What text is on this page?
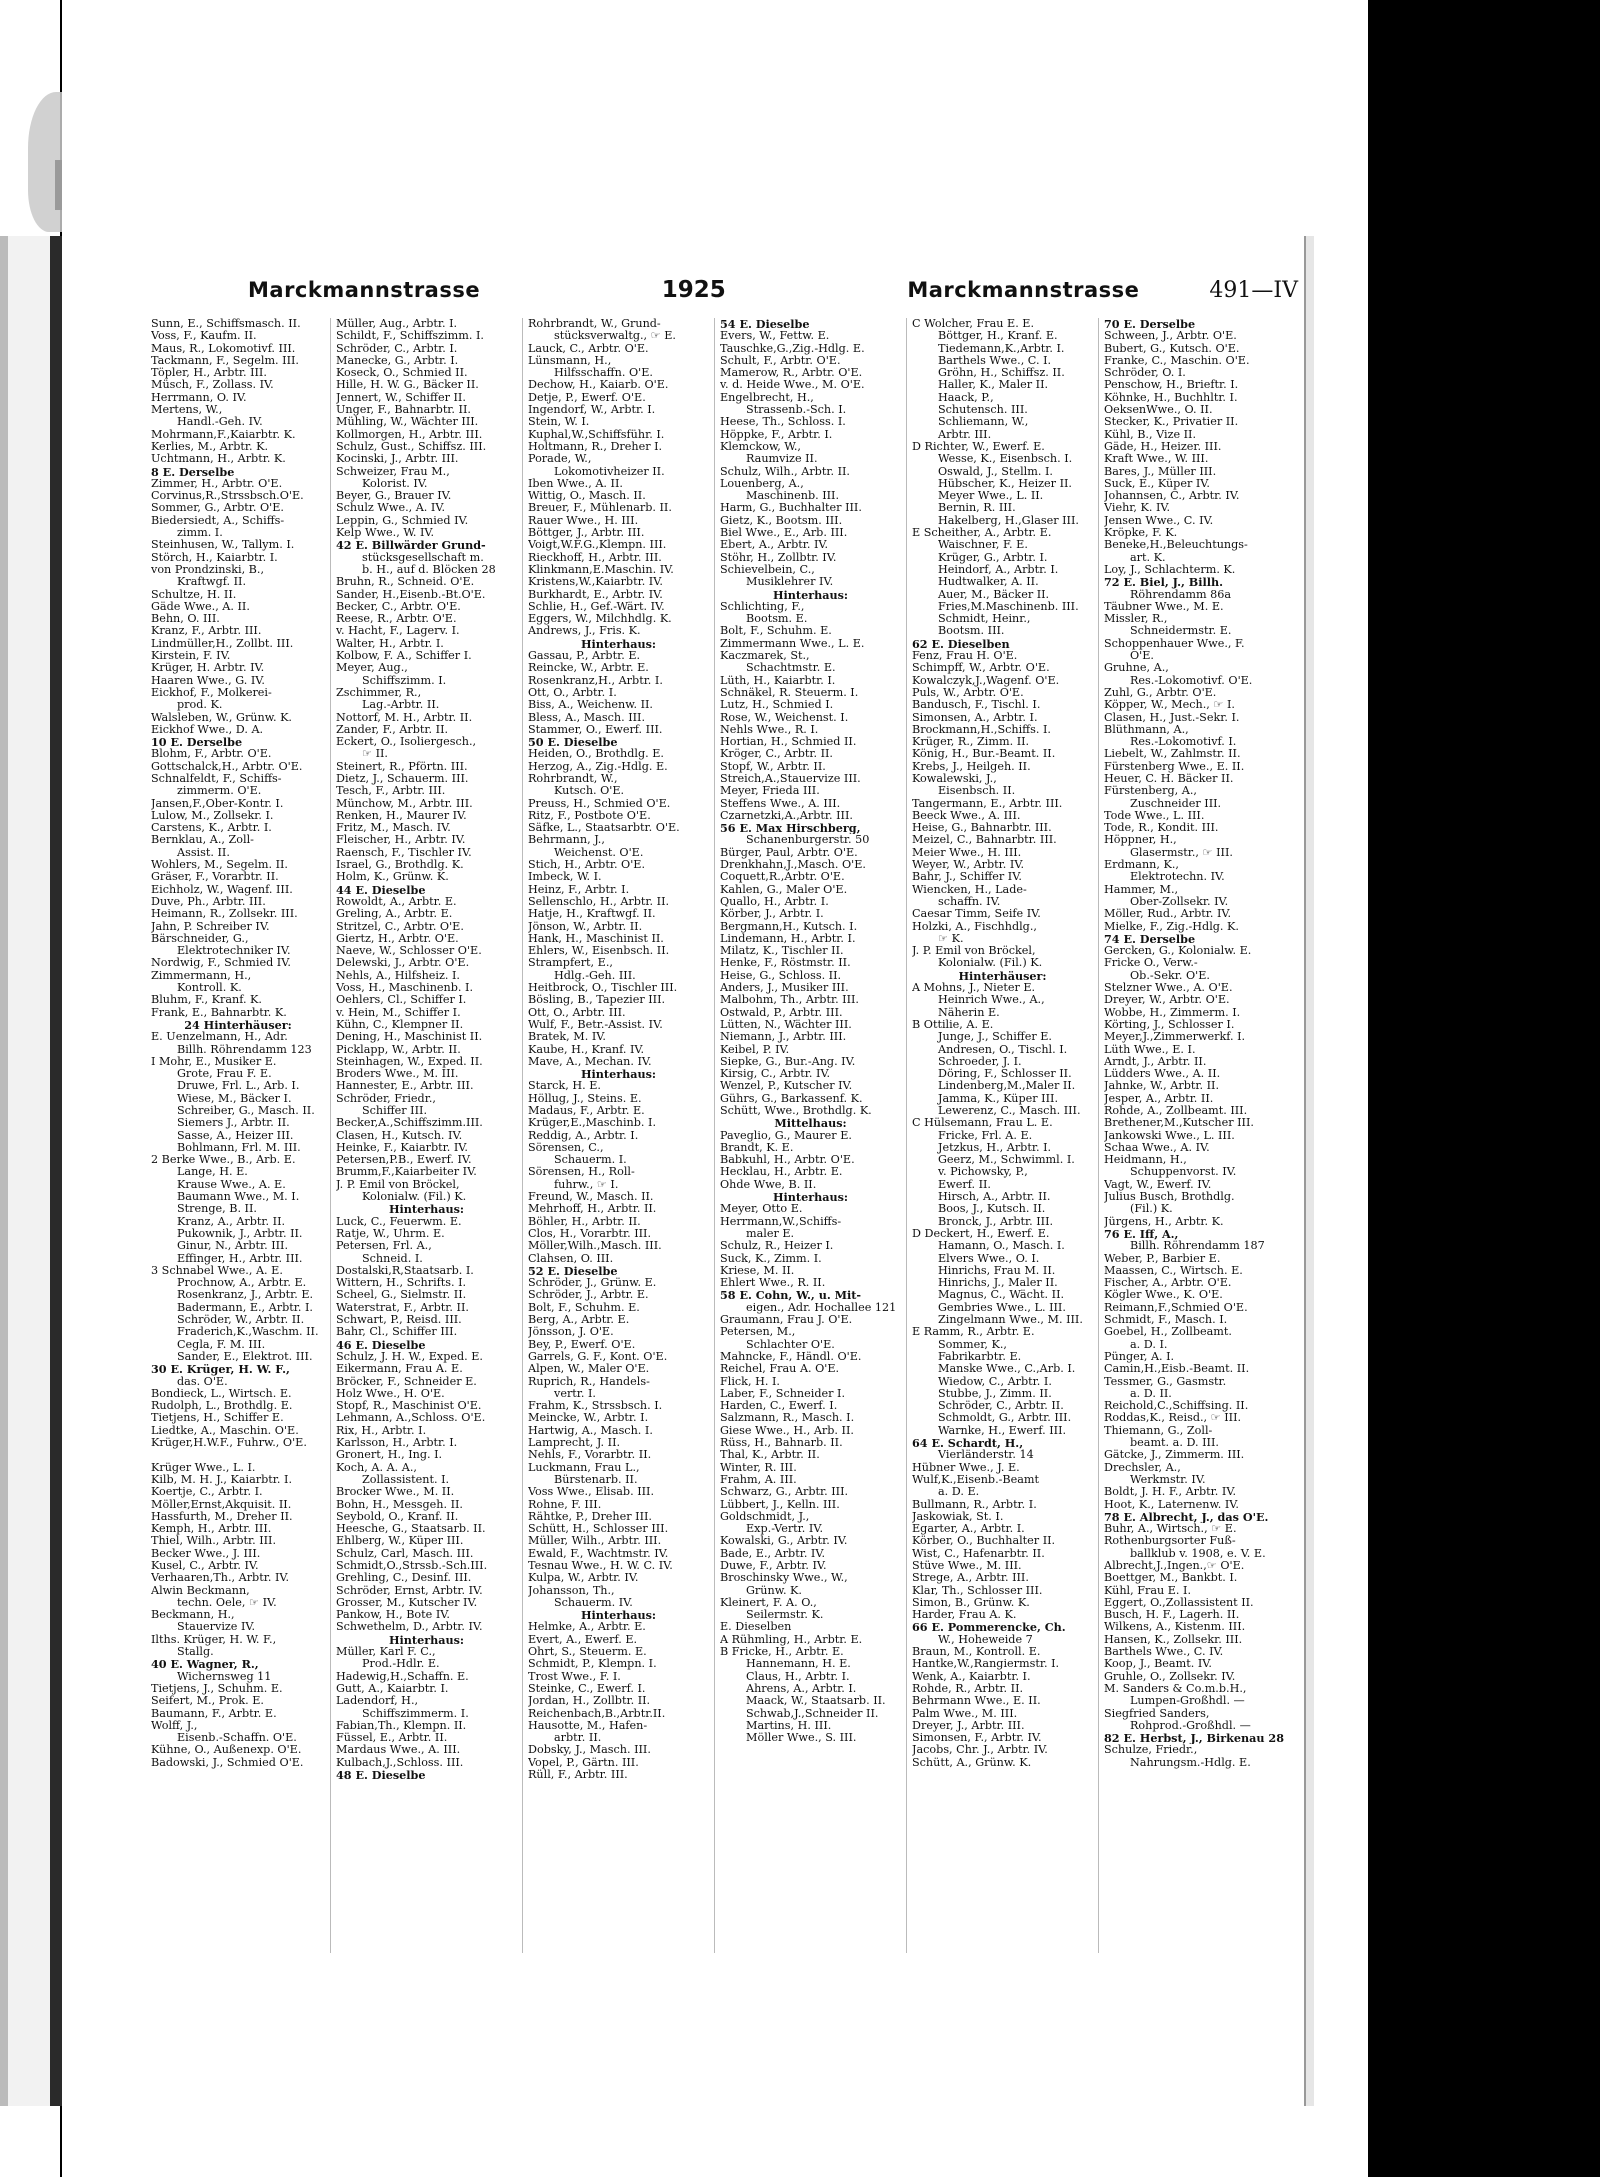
Marckmannstrasse	1925	Marckmannstrasse	491—IV
Sunn, E., Schiffsmasch. II.
Voss, F., Kaufm. II.
Maus, R., Lokomotivf. III.
Tackmann, F., Segelm. III.
Töpler, H., Arbtr. III.
Müsch, F., Zollass. IV.
Herrmann, O. IV.
Mertens, W.,
Handl.-Geh. IV.
Mohrmann,F.,Kaiarbtr. K.
Kerlies, M., Arbtr. K.
Uchtmann, H., Arbtr. K.
8 E. Derselbe
Zimmer, H., Arbtr. O'E.
Corvinus,R.,Strssbsch.O'E.
Sommer, G., Arbtr. O'E.
Biedersiedt, A., Schiffs-
zimm. I.
Steinhusen, W., Tallym. I.
Störch, H., Kaiarbtr. I.
von Prondzinski, B.,
Kraftwgf. II.
Schultze, H. II.
Gäde Wwe., A. II.
Behn, O. III.
Kranz, F., Arbtr. III.
Lindmüller,H., Zollbt. III.
Kirstein, F. IV.
Krüger, H. Arbtr. IV.
Haaren Wwe., G. IV.
Eickhof, F., Molkerei-
prod. K.
Walsleben, W., Grünw. K.
Eickhof Wwe., D. A.
10 E. Derselbe
Blohm, F., Arbtr. O'E.
Gottschalck,H., Arbtr. O'E.
Schnalfeldt, F., Schiffs-
zimmerm. O'E.
Jansen,F.,Ober-Kontr. I.
Lulow, M., Zollsekr. I.
Carstens, K., Arbtr. I.
Bernklau, A., Zoll-
Assist. II.
Wohlers, M., Segelm. II.
Gräser, F., Vorarbtr. II.
Eichholz, W., Wagenf. III.
Duve, Ph., Arbtr. III.
Heimann, R., Zollsekr. III.
Jahn, P. Schreiber IV.
Bärschneider, G.,
Elektrotechniker IV.
Nordwig, F., Schmied IV.
Zimmermann, H.,
Kontroll. K.
Bluhm, F., Kranf. K.
Frank, E., Bahnarbtr. K.
24 Hinterhäuser:
E. Uenzelmann, H., Adr.
Billh. Röhrendamm 123
I Mohr, E., Musiker E.
Grote, Frau F. E.
Druwe, Frl. L., Arb. I.
Wiese, M., Bäcker I.
Schreiber, G., Masch. II.
Siemers J., Arbtr. II.
Sasse, A., Heizer III.
Bohlmann, Frl. M. III.
2 Berke Wwe., B., Arb. E.
Lange, H. E.
Krause Wwe., A. E.
Baumann Wwe., M. I.
Strenge, B. II.
Kranz, A., Arbtr. II.
Pukownik, J., Arbtr. II.
Ginur, N., Arbtr. III.
Effinger, H., Arbtr. III.
3 Schnabel Wwe., A. E.
Prochnow, A., Arbtr. E.
Rosenkranz, J., Arbtr. E.
Badermann, E., Arbtr. I.
Schröder, W., Arbtr. II.
Fraderich,K.,Waschm. II.
Cegla, F. M. III.
Sander, E., Elektrot. III.
30 E. Krüger, H. W. F.,
das. O'E.
Bondieck, L., Wirtsch. E.
Rudolph, L., Brothdlg. E.
Tietjens, H., Schiffer E.
Liedtke, A., Maschin. O'E.
Krüger,H.W.F., Fuhrw., O'E.
Krüger Wwe., L. I.
Kilb, M. H. J., Kaiarbtr. I.
Koertje, C., Arbtr. I.
Möller,Ernst,Akquisit. II.
Hassfurth, M., Dreher II.
Kemph, H., Arbtr. III.
Thiel, Wilh., Arbtr. III.
Becker Wwe., J. III.
Kusel, C., Arbtr. IV.
Verhaaren,Th., Arbtr. IV.
Alwin Beckmann,
techn. Oele, ☞ IV.
Beckmann, H.,
Stauervize IV.
Ilths. Krüger, H. W. F.,
Stallg.
40 E. Wagner, R.,
Wichernsweg 11
Tietjens, J., Schuhm. E.
Seifert, M., Prok. E.
Baumann, F., Arbtr. E.
Wolff, J.,
Eisenb.-Schaffn. O'E.
Kühne, O., Außenexp. O'E.
Badowski, J., Schmied O'E.
Müller, Aug., Arbtr. I.
Schildt, F., Schiffszimm. I.
Schröder, C., Arbtr. I.
Manecke, G., Arbtr. I.
Koseck, O., Schmied II.
Hille, H. W. G., Bäcker II.
Jennert, W., Schiffer II.
Unger, F., Bahnarbtr. II.
Mühling, W., Wächter III.
Kollmorgen, H., Arbtr. III.
Schulz, Gust., Schiffsz. III.
Kocinski, J., Arbtr. III.
Schweizer, Frau M.,
Kolorist. IV.
Beyer, G., Brauer IV.
Schulz Wwe., A. IV.
Leppin, G., Schmied IV.
Kelp Wwe., W. IV.
42 E. Billwärder Grund-
stücksgesellschaft m.
b. H., auf d. Blöcken 28
Bruhn, R., Schneid. O'E.
Sander, H.,Eisenb.-Bt.O'E.
Becker, C., Arbtr. O'E.
Reese, R., Arbtr. O'E.
v. Hacht, F., Lagerv. I.
Walter, H., Arbtr. I.
Kolbow, F. A., Schiffer I.
Meyer, Aug.,
Schiffszimm. I.
Zschimmer, R.,
Lag.-Arbtr. II.
Nottorf, M. H., Arbtr. II.
Zander, F., Arbtr. II.
Eckert, O., Isoliergesch.,
☞ II.
Steinert, R., Pförtn. III.
Dietz, J., Schauerm. III.
Tesch, F., Arbtr. III.
Münchow, M., Arbtr. III.
Renken, H., Maurer IV.
Fritz, M., Masch. IV.
Fleischer, H., Arbtr. IV.
Raensch, F., Tischler IV.
Israel, G., Brothdlg. K.
Holm, K., Grünw. K.
44 E. Dieselbe
Rowoldt, A., Arbtr. E.
Greling, A., Arbtr. E.
Stritzel, C., Arbtr. O'E.
Giertz, H., Arbtr. O'E.
Naeve, W., Schlosser O'E.
Delewski, J., Arbtr. O'E.
Nehls, A., Hilfsheiz. I.
Voss, H., Maschinenb. I.
Oehlers, Cl., Schiffer I.
v. Hein, M., Schiffer I.
Kühn, C., Klempner II.
Dening, H., Maschinist II.
Picklapp, W., Arbtr. II.
Steinhagen, W., Exped. II.
Broders Wwe., M. III.
Hannester, E., Arbtr. III.
Schröder, Friedr.,
Schiffer III.
Becker,A.,Schiffszimm.III.
Clasen, H., Kutsch. IV.
Heinke, F., Kaiarbtr. IV.
Petersen,P.B., Ewerf. IV.
Brumm,F.,Kaiarbeiter IV.
J. P. Emil von Bröckel,
Kolonialw. (Fil.) K.
Hinterhaus:
Luck, C., Feuerwm. E.
Ratje, W., Uhrm. E.
Petersen, Frl. A.,
Schneid. I.
Dostalski,R,Staatsarb. I.
Wittern, H., Schrifts. I.
Scheel, G., Sielmstr. II.
Waterstrat, F., Arbtr. II.
Schwart, P., Reisd. III.
Bahr, Cl., Schiffer III.
46 E. Dieselbe
Schulz, J. H. W., Exped. E.
Eikermann, Frau A. E.
Bröcker, F., Schneider E.
Holz Wwe., H. O'E.
Stopf, R., Maschinist O'E.
Lehmann, A.,Schloss. O'E.
Rix, H., Arbtr. I.
Karlsson, H., Arbtr. I.
Gronert, H., Ing. I.
Koch, A. A. A.,
Zollassistent. I.
Brocker Wwe., M. II.
Bohn, H., Messgeh. II.
Seybold, O., Kranf. II.
Heesche, G., Staatsarb. II.
Ehlberg, W., Küper III.
Schulz, Carl, Masch. III.
Schmidt,O.,Strssb.-Sch.III.
Grehling, C., Desinf. III.
Schröder, Ernst, Arbtr. IV.
Grosser, M., Kutscher IV.
Pankow, H., Bote IV.
Schwethelm, D., Arbtr. IV.
Hinterhaus:
Müller, Karl F. C.,
Prod.-Hdlr. E.
Hadewig,H.,Schaffn. E.
Gutt, A., Kaiarbtr. I.
Ladendorf, H.,
Schiffszimmerm. I.
Fabian,Th., Klempn. II.
Füssel, E., Arbtr. II.
Mardaus Wwe., A. III.
Kulbach,J.,Schloss. III.
48 E. Dieselbe
Rohrbrandt, W., Grund-
stücksverwaltg., ☞ E.
Lauck, C., Arbtr. O'E.
Lünsmann, H.,
Hilfsschaffn. O'E.
Dechow, H., Kaiarb. O'E.
Detje, P., Ewerf. O'E.
Ingendorf, W., Arbtr. I.
Stein, W. I.
Kuphal,W.,Schiffsführ. I.
Holtmann, R., Dreher I.
Porade, W.,
Lokomotivheizer II.
Iben Wwe., A. II.
Wittig, O., Masch. II.
Breuer, F., Mühlenarb. II.
Rauer Wwe., H. III.
Böttger, J., Arbtr. III.
Voigt,W.F.G.,Klempn. III.
Rieckhoff, H., Arbtr. III.
Klinkmann,E.Maschin. IV.
Kristens,W.,Kaiarbtr. IV.
Burkhardt, E., Arbtr. IV.
Schlie, H., Gef.-Wärt. IV.
Eggers, W., Milchhdlg. K.
Andrews, J., Fris. K.
Hinterhaus:
Gassau, P., Arbtr. E.
Reincke, W., Arbtr. E.
Rosenkranz,H., Arbtr. I.
Ott, O., Arbtr. I.
Biss, A., Weichenw. II.
Bless, A., Masch. III.
Stammer, O., Ewerf. III.
50 E. Dieselbe
Heiden, O., Brothdlg. E.
Herzog, A., Zig.-Hdlg. E.
Rohrbrandt, W.,
Kutsch. O'E.
Preuss, H., Schmied O'E.
Ritz, F., Postbote O'E.
Säfke, L., Staatsarbtr. O'E.
Behrmann, J.,
Weichenst. O'E.
Stich, H., Arbtr. O'E.
Imbeck, W. I.
Heinz, F., Arbtr. I.
Sellenschlo, H., Arbtr. II.
Hatje, H., Kraftwgf. II.
Jönson, W., Arbtr. II.
Hank, H., Maschinist II.
Ehlers, W., Eisenbsch. II.
Strampfert, E.,
Hdlg.-Geh. III.
Heitbrock, O., Tischler III.
Bösling, B., Tapezier III.
Ott, O., Arbtr. III.
Wulf, F., Betr.-Assist. IV.
Bratek, M. IV.
Kaube, H., Kranf. IV.
Mave, A., Mechan. IV.
Hinterhaus:
Starck, H. E.
Höllug, J., Steins. E.
Madaus, F., Arbtr. E.
Krüger,E.,Maschinb. I.
Reddig, A., Arbtr. I.
Sörensen, C.,
Schauerm. I.
Sörensen, H., Roll-
fuhrw., ☞ I.
Freund, W., Masch. II.
Mehrhoff, H., Arbtr. II.
Böhler, H., Arbtr. II.
Clos, H., Vorarbtr. III.
Möller,Wilh.,Masch. III.
Clahsen, O. III.
52 E. Dieselbe
Schröder, J., Grünw. E.
Schröder, J., Arbtr. E.
Bolt, F., Schuhm. E.
Berg, A., Arbtr. E.
Jönsson, J. O'E.
Bey, P., Ewerf. O'E.
Garrels, G. F., Kont. O'E.
Alpen, W., Maler O'E.
Ruprich, R., Handels-
vertr. I.
Frahm, K., Strssbsch. I.
Meincke, W., Arbtr. I.
Hartwig, A., Masch. I.
Lamprecht, J. II.
Nehls, F., Vorarbtr. II.
Luckmann, Frau L.,
Bürstenarb. II.
Voss Wwe., Elisab. III.
Rohne, F. III.
Rähtke, P., Dreher III.
Schütt, H., Schlosser III.
Müller, Wilh., Arbtr. III.
Ewald, F., Wachtmstr. IV.
Tesnau Wwe., H. W. C. IV.
Kulpa, W., Arbtr. IV.
Johansson, Th.,
Schauerm. IV.
Hinterhaus:
Helmke, A., Arbtr. E.
Evert, A., Ewerf. E.
Ohrt, S., Steuerm. E.
Schmidt, P., Klempn. I.
Trost Wwe., F. I.
Steinke, C., Ewerf. I.
Jordan, H., Zollbtr. II.
Reichenbach,B.,Arbtr.II.
Hausotte, M., Hafen-
arbtr. II.
Dobsky, J., Masch. III.
Vopel, P., Gärtn. III.
Rüll, F., Arbtr. III.
54 E. Dieselbe
Evers, W., Fettw. E.
Tauschke,G.,Zig.-Hdlg. E.
Schult, F., Arbtr. O'E.
Mamerow, R., Arbtr. O'E.
v. d. Heide Wwe., M. O'E.
Engelbrecht, H.,
Strassenb.-Sch. I.
Heese, Th., Schloss. I.
Höppke, F., Arbtr. I.
Klemckow, W.,
Raumvize II.
Schulz, Wilh., Arbtr. II.
Louenberg, A.,
Maschinenb. III.
Harm, G., Buchhalter III.
Gietz, K., Bootsm. III.
Biel Wwe., E., Arb. III.
Ebert, A., Arbtr. IV.
Stöhr, H., Zollbtr. IV.
Schievelbein, C.,
Musiklehrer IV.
Hinterhaus:
Schlichting, F.,
Bootsm. E.
Bolt, F., Schuhm. E.
Zimmermann Wwe., L. E.
Kaczmarek, St.,
Schachtmstr. E.
Lüth, H., Kaiarbtr. I.
Schnäkel, R. Steuerm. I.
Lutz, H., Schmied I.
Rose, W., Weichenst. I.
Nehls Wwe., R. I.
Hortian, H., Schmied II.
Kröger, C., Arbtr. II.
Stopf, W., Arbtr. II.
Streich,A.,Stauervize III.
Meyer, Frieda III.
Steffens Wwe., A. III.
Czarnetzki,A.,Arbtr. III.
56 E. Max Hirschberg,
Schanenburgerstr. 50
Bürger, Paul, Arbtr. O'E.
Drenkhahn,J.,Masch. O'E.
Coquett,R.,Arbtr. O'E.
Kahlen, G., Maler O'E.
Quallo, H., Arbtr. I.
Körber, J., Arbtr. I.
Bergmann,H., Kutsch. I.
Lindemann, H., Arbtr. I.
Milatz, K., Tischler II.
Henke, F., Röstmstr. II.
Heise, G., Schloss. II.
Anders, J., Musiker III.
Malbohm, Th., Arbtr. III.
Ostwald, P., Arbtr. III.
Lütten, N., Wächter III.
Niemann, J., Arbtr. III.
Keibel, P. IV.
Siepke, G., Bur.-Ang. IV.
Kirsig, C., Arbtr. IV.
Wenzel, P., Kutscher IV.
Gührs, G., Barkassenf. K.
Schütt, Wwe., Brothdlg. K.
Mittelhaus:
Paveglio, G., Maurer E.
Brandt, K. E.
Babkuhl, H., Arbtr. O'E.
Hecklau, H., Arbtr. E.
Ohde Wwe, B. II.
Hinterhaus:
Meyer, Otto E.
Herrmann,W.,Schiffs-
maler E.
Schulz, R., Heizer I.
Suck, K., Zimm. I.
Kriese, M. II.
Ehlert Wwe., R. II.
58 E. Cohn, W., u. Mit-
eigen., Adr. Hochallee 121
Graumann, Frau J. O'E.
Petersen, M.,
Schlachter O'E.
Mahncke, F., Händl. O'E.
Reichel, Frau A. O'E.
Flick, H. I.
Laber, F., Schneider I.
Harden, C., Ewerf. I.
Salzmann, R., Masch. I.
Giese Wwe., H., Arb. II.
Rüss, H., Bahnarb. II.
Thal, K., Arbtr. II.
Winter, R. III.
Frahm, A. III.
Schwarz, G., Arbtr. III.
Lübbert, J., Kelln. III.
Goldschmidt, J.,
Exp.-Vertr. IV.
Kowalski, G., Arbtr. IV.
Bade, E., Arbtr. IV.
Duwe, F., Arbtr. IV.
Broschinsky Wwe., W.,
Grünw. K.
Kleinert, F. A. O.,
Seilermstr. K.
E. Dieselben
A Rühmling, H., Arbtr. E.
B Fricke, H., Arbtr. E.
Hannemann, H. E.
Claus, H., Arbtr. I.
Ahrens, A., Arbtr. I.
Maack, W., Staatsarb. II.
Schwab,J.,Schneider II.
Martins, H. III.
Möller Wwe., S. III.
C Wolcher, Frau E. E.
Böttger, H., Kranf. E.
Tiedemann,K.,Arbtr. I.
Barthels Wwe., C. I.
Gröhn, H., Schiffsz. II.
Haller, K., Maler II.
Haack, P.,
Schutensch. III.
Schliemann, W.,
Arbtr. III.
D Richter, W., Ewerf. E.
Wesse, K., Eisenbsch. I.
Oswald, J., Stellm. I.
Hübscher, K., Heizer II.
Meyer Wwe., L. II.
Bernin, R. III.
Hakelberg, H.,Glaser III.
E Scheither, A., Arbtr. E.
Waischner, F. E.
Krüger, G., Arbtr. I.
Heindorf, A., Arbtr. I.
Hudtwalker, A. II.
Auer, M., Bäcker II.
Fries,M.Maschinenb. III.
Schmidt, Heinr.,
Bootsm. III.
62 E. Dieselben
Fenz, Frau H. O'E.
Schimpff, W., Arbtr. O'E.
Kowalczyk,J.,Wagenf. O'E.
Puls, W., Arbtr. O'E.
Bandusch, F., Tischl. I.
Simonsen, A., Arbtr. I.
Brockmann,H.,Schiffs. I.
Krüger, R., Zimm. II.
König, H., Bur.-Beamt. II.
Krebs, J., Heilgeh. II.
Kowalewski, J.,
Eisenbsch. II.
Tangermann, E., Arbtr. III.
Beeck Wwe., A. III.
Heise, G., Bahnarbtr. III.
Meizel, C., Bahnarbtr. III.
Meier Wwe., H. III.
Weyer, W., Arbtr. IV.
Bahr, J., Schiffer IV.
Wiencken, H., Lade-
schaffn. IV.
Caesar Timm, Seife IV.
Holzki, A., Fischhdlg.,
☞ K.
J. P. Emil von Bröckel,
Kolonialw. (Fil.) K.
Hinterhäuser:
A Mohns, J., Nieter E.
Heinrich Wwe., A.,
Näherin E.
B Ottilie, A. E.
Junge, J., Schiffer E.
Andresen, O., Tischl. I.
Schroeder, J. I.
Döring, F., Schlosser II.
Lindenberg,M.,Maler II.
Jamma, K., Küper III.
Lewerenz, C., Masch. III.
C Hülsemann, Frau L. E.
Fricke, Frl. A. E.
Jetzkus, H., Arbtr. I.
Geerz, M., Schwimml. I.
v. Pichowsky, P.,
Ewerf. II.
Hirsch, A., Arbtr. II.
Boos, J., Kutsch. II.
Bronck, J., Arbtr. III.
D Deckert, H., Ewerf. E.
Hamann, O., Masch. I.
Elvers Wwe., O. I.
Hinrichs, Frau M. II.
Hinrichs, J., Maler II.
Magnus, C., Wächt. II.
Gembries Wwe., L. III.
Zingelmann Wwe., M. III.
E Ramm, R., Arbtr. E.
Sommer, K.,
Fabrikarbtr. E.
Manske Wwe., C.,Arb. I.
Wiedow, C., Arbtr. I.
Stubbe, J., Zimm. II.
Schröder, C., Arbtr. II.
Schmoldt, G., Arbtr. III.
Warnke, H., Ewerf. III.
64 E. Schardt, H.,
Vierländerstr. 14
Hübner Wwe., J. E.
Wulf,K.,Eisenb.-Beamt
a. D. E.
Bullmann, R., Arbtr. I.
Jaskowiak, St. I.
Egarter, A., Arbtr. I.
Körber, O., Buchhalter II.
Wist, C., Hafenarbtr. II.
Stüve Wwe., M. III.
Strege, A., Arbtr. III.
Klar, Th., Schlosser III.
Simon, B., Grünw. K.
Harder, Frau A. K.
66 E. Pommerencke, Ch.
W., Hoheweide 7
Braun, M., Kontroll. E.
Hantke,W.,Rangiermstr. I.
Wenk, A., Kaiarbtr. I.
Rohde, R., Arbtr. II.
Behrmann Wwe., E. II.
Palm Wwe., M. III.
Dreyer, J., Arbtr. III.
Simonsen, F., Arbtr. IV.
Jacobs, Chr. J., Arbtr. IV.
Schütt, A., Grünw. K.
70 E. Derselbe
Schween, J., Arbtr. O'E.
Bubert, G., Kutsch. O'E.
Franke, C., Maschin. O'E.
Schröder, O. I.
Penschow, H., Brieftr. I.
Köhnke, H., Buchhltr. I.
OeksenWwe., O. II.
Stecker, K., Privatier II.
Kühl, B., Vize II.
Gäde, H., Heizer. III.
Kraft Wwe., W. III.
Bares, J., Müller III.
Suck, E., Küper IV.
Johannsen, C., Arbtr. IV.
Viehr, K. IV.
Jensen Wwe., C. IV.
Kröpke, F. K.
Beneke,H.,Beleuchtungs-
art. K.
Loy, J., Schlachterm. K.
72 E. Biel, J., Billh.
Röhrendamm 86a
Täubner Wwe., M. E.
Missler, R.,
Schneidermstr. E.
Schoppenhauer Wwe., F.
O'E.
Gruhne, A.,
Res.-Lokomotivf. O'E.
Zuhl, G., Arbtr. O'E.
Köpper, W., Mech., ☞ I.
Clasen, H., Just.-Sekr. I.
Blüthmann, A.,
Res.-Lokomotivf. I.
Liebelt, W., Zahlmstr. II.
Fürstenberg Wwe., E. II.
Heuer, C. H. Bäcker II.
Fürstenberg, A.,
Zuschneider III.
Tode Wwe., L. III.
Tode, R., Kondit. III.
Höppner, H.,
Glasermstr., ☞ III.
Erdmann, K.,
Elektrotechn. IV.
Hammer, M.,
Ober-Zollsekr. IV.
Möller, Rud., Arbtr. IV.
Mielke, F., Zig.-Hdlg. K.
74 E. Derselbe
Gercken, G., Kolonialw. E.
Fricke O., Verw.-
Ob.-Sekr. O'E.
Stelzner Wwe., A. O'E.
Dreyer, W., Arbtr. O'E.
Wobbe, H., Zimmerm. I.
Körting, J., Schlosser I.
Meyer,J.,Zimmerwerkf. I.
Lüth Wwe., E. I.
Arndt, J., Arbtr. II.
Lüdders Wwe., A. II.
Jahnke, W., Arbtr. II.
Jesper, A., Arbtr. II.
Rohde, A., Zollbeamt. III.
Brethener,M.,Kutscher III.
Jankowski Wwe., L. III.
Schaa Wwe., A. IV.
Heidmann, H.,
Schuppenvorst. IV.
Vagt, W., Ewerf. IV.
Julius Busch, Brothdlg.
(Fil.) K.
Jürgens, H., Arbtr. K.
76 E. Iff, A.,
Billh. Röhrendamm 187
Weber, P., Barbier E.
Maassen, C., Wirtsch. E.
Fischer, A., Arbtr. O'E.
Kögler Wwe., K. O'E.
Reimann,F.,Schmied O'E.
Schmidt, F., Masch. I.
Goebel, H., Zollbeamt.
a. D. I.
Pünger, A. I.
Camin,H.,Eisb.-Beamt. II.
Tessmer, G., Gasmstr.
a. D. II.
Reichold,C.,Schiffsing. II.
Roddas,K., Reisd., ☞ III.
Thiemann, G., Zoll-
beamt. a. D. III.
Gätcke, J., Zimmerm. III.
Drechsler, A.,
Werkmstr. IV.
Boldt, J. H. F., Arbtr. IV.
Hoot, K., Laternenw. IV.
78 E. Albrecht, J., das O'E.
Buhr, A., Wirtsch., ☞ E.
Rothenburgsorter Fuß-
ballklub v. 1908, e. V. E.
Albrecht,J.,Ingen.,☞ O'E.
Boettger, M., Bankbt. I.
Kühl, Frau E. I.
Eggert, O.,Zollassistent II.
Busch, H. F., Lagerh. II.
Wilkens, A., Kistenm. III.
Hansen, K., Zollsekr. III.
Barthels Wwe., C. IV.
Koop, J., Beamt. IV.
Gruhle, O., Zollsekr. IV.
M. Sanders & Co.m.b.H.,
Lumpen-Großhdl. —
Siegfried Sanders,
Rohprod.-Großhdl. —
82 E. Herbst, J., Birkenau 28
Schulze, Friedr.,
Nahrungsm.-Hdlg. E.
